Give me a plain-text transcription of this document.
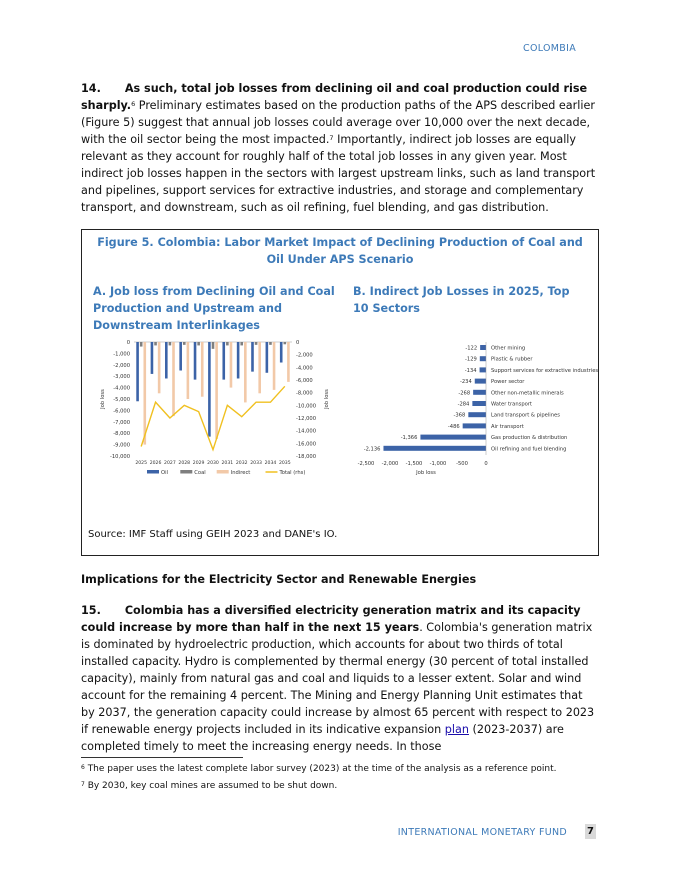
COLOMBIA

14. As such, total job losses from declining oil and coal production could rise sharply.$^6$ Preliminary estimates based on the production paths of the APS described earlier (Figure 5) suggest that annual job losses could average over 10,000 over the next decade, with the oil sector being the most impacted.$^7$ Importantly, indirect job losses are equally relevant as they account for roughly half of the total job losses in any given year. Most indirect job losses happen in the sectors with largest upstream links, such as land transport and pipelines, support services for extractive industries, and storage and complementary transport, and downstream, such as oil refining, fuel blending, and gas distribution.

Figure 5. Colombia: Labor Market Impact of Declining Production of Coal and Oil Under APS Scenario
A. Job loss from Declining Oil and Coal Production and Upstream and Downstream Interlinkages
B. Indirect Job Losses in 2025, Top 10 Sectors
0
-1,000
-2,000
-3,000
-4,000
-5,000
-6,000
-7,000
-8,000
-9,000
-10,000
0
-2,000
-4,000
-6,000
-8,000
-10,000
-12,000
-14,000
-16,000
-18,000
Job loss	Job loss
2025 2026 2027 2028 2029 2030 2031 2032 2033 2034 2035
Oil	Coal	Indirect	Total (rhs)
-122	Other mining
-129	Plastic & rubber
-134	Support services for extractive industries
-234	Power sector
-268	Other non-metallic minerals
-284	Water transport
-368	Land transport & pipelines
-486	Air transport
-1,366	Gas production & distribution
-2,136	Oil refining and fuel blending
-2,500 -2,000 -1,500 -1,000 -500	0
Job loss
Source: IMF Staff using GEIH 2023 and DANE's IO.
Implications for the Electricity Sector and Renewable Energies

15. Colombia has a diversified electricity generation matrix and its capacity could increase by more than half in the next 15 years. Colombia's generation matrix is dominated by hydroelectric production, which accounts for about two thirds of total installed capacity. Hydro is complemented by thermal energy (30 percent of total installed capacity), mainly from natural gas and coal and liquids to a lesser extent. Solar and wind account for the remaining 4 percent. The Mining and Energy Planning Unit estimates that by 2037, the generation capacity could increase by almost 65 percent with respect to 2023 if renewable energy projects included in its indicative expansion plan (2023-2037) are completed timely to meet the increasing energy needs. In those

$^6$ The paper uses the latest complete labor survey (2023) at the time of the analysis as a reference point.
$^7$ By 2030, key coal mines are assumed to be shut down.
INTERNATIONAL MONETARY FUND 7
